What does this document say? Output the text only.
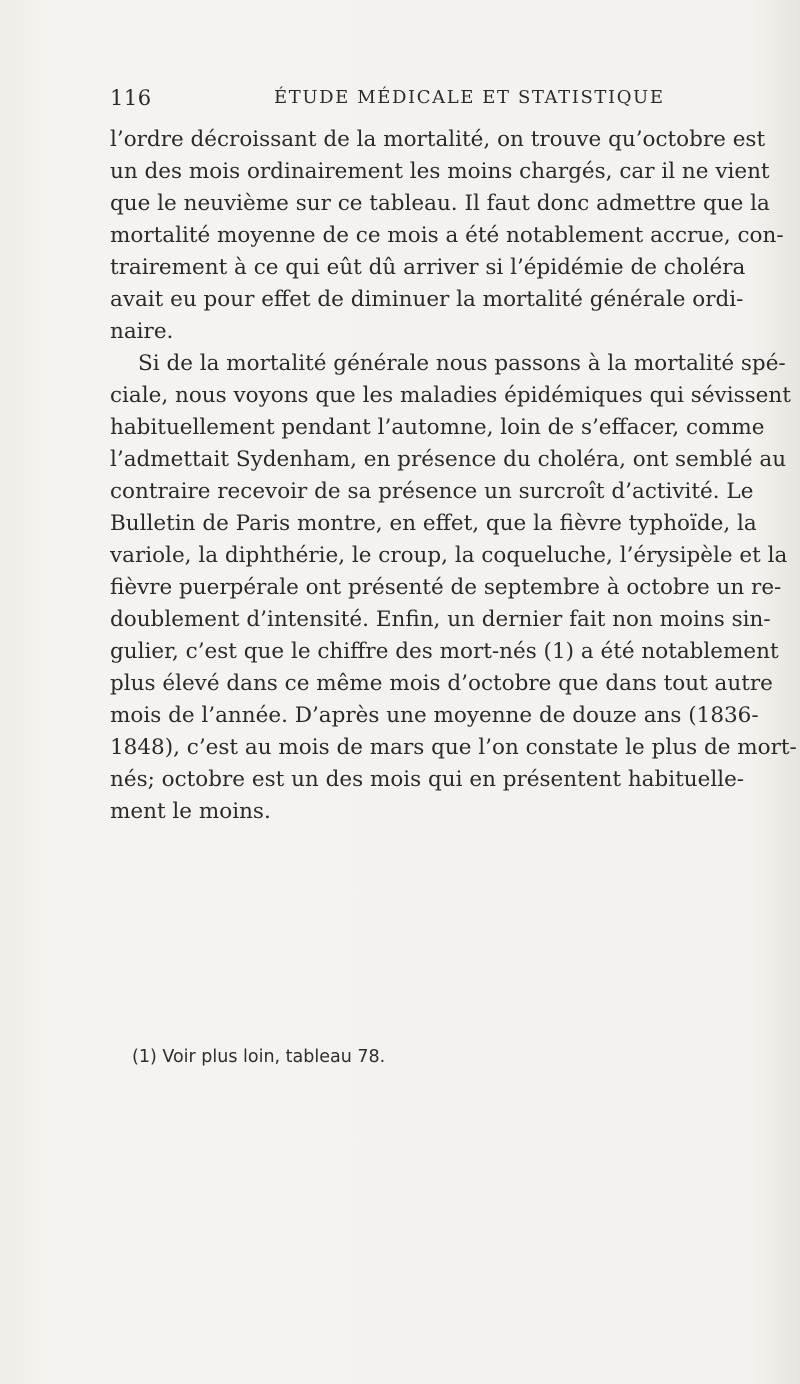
116	ÉTUDE MÉDICALE ET STATISTIQUE
l’ordre décroissant de la mortalité, on trouve qu’octobre est
un des mois ordinairement les moins chargés, car il ne vient
que le neuvième sur ce tableau. Il faut donc admettre que la
mortalité moyenne de ce mois a été notablement accrue, con-
trairement à ce qui eût dû arriver si l’épidémie de choléra
avait eu pour effet de diminuer la mortalité générale ordi-
naire.
Si de la mortalité générale nous passons à la mortalité spé-
ciale, nous voyons que les maladies épidémiques qui sévissent
habituellement pendant l’automne, loin de s’effacer, comme
l’admettait Sydenham, en présence du choléra, ont semblé au
contraire recevoir de sa présence un surcroît d’activité. Le
Bulletin de Paris montre, en effet, que la fièvre typhoïde, la
variole, la diphthérie, le croup, la coqueluche, l’érysipèle et la
fièvre puerpérale ont présenté de septembre à octobre un re-
doublement d’intensité. Enfin, un dernier fait non moins sin-
gulier, c’est que le chiffre des mort-nés (1) a été notablement
plus élevé dans ce même mois d’octobre que dans tout autre
mois de l’année. D’après une moyenne de douze ans (1836-
1848), c’est au mois de mars que l’on constate le plus de mort-
nés; octobre est un des mois qui en présentent habituelle-
ment le moins.
(1) Voir plus loin, tableau 78.
